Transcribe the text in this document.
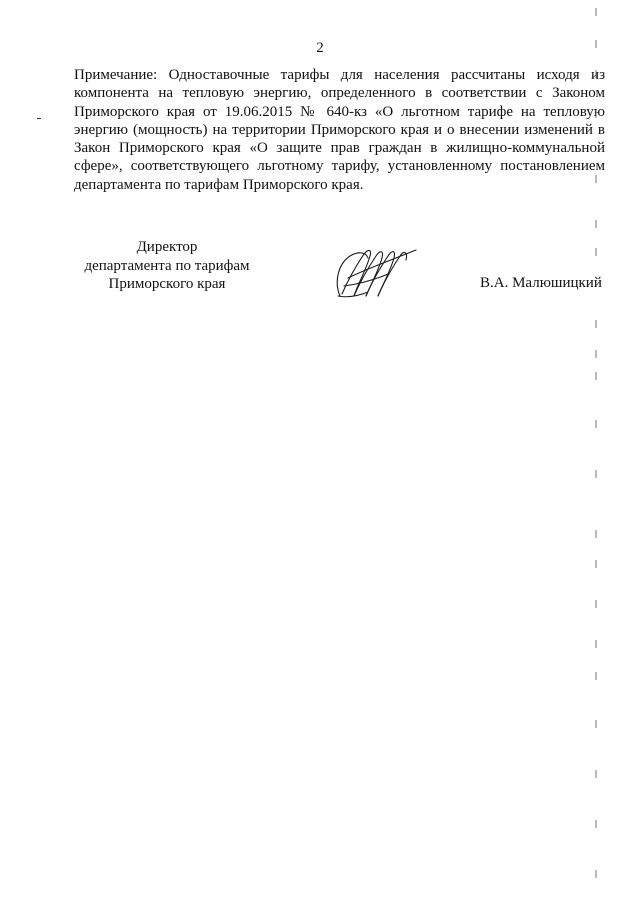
2
Примечание: Одноставочные тарифы для населения рассчитаны исходя из компонента на тепловую энергию, определенного в соответствии с Законом Приморского края от 19.06.2015 № 640-кз «О льготном тарифе на тепловую энергию (мощность) на территории Приморского края и о внесении изменений в Закон Приморского края «О защите прав граждан в жилищно-коммунальной сфере», соответствующего льготному тарифу, установленному постановлением департамента по тарифам Приморского края.
Директор
департамента по тарифам
Приморского края	В.А. Малюшицкий
